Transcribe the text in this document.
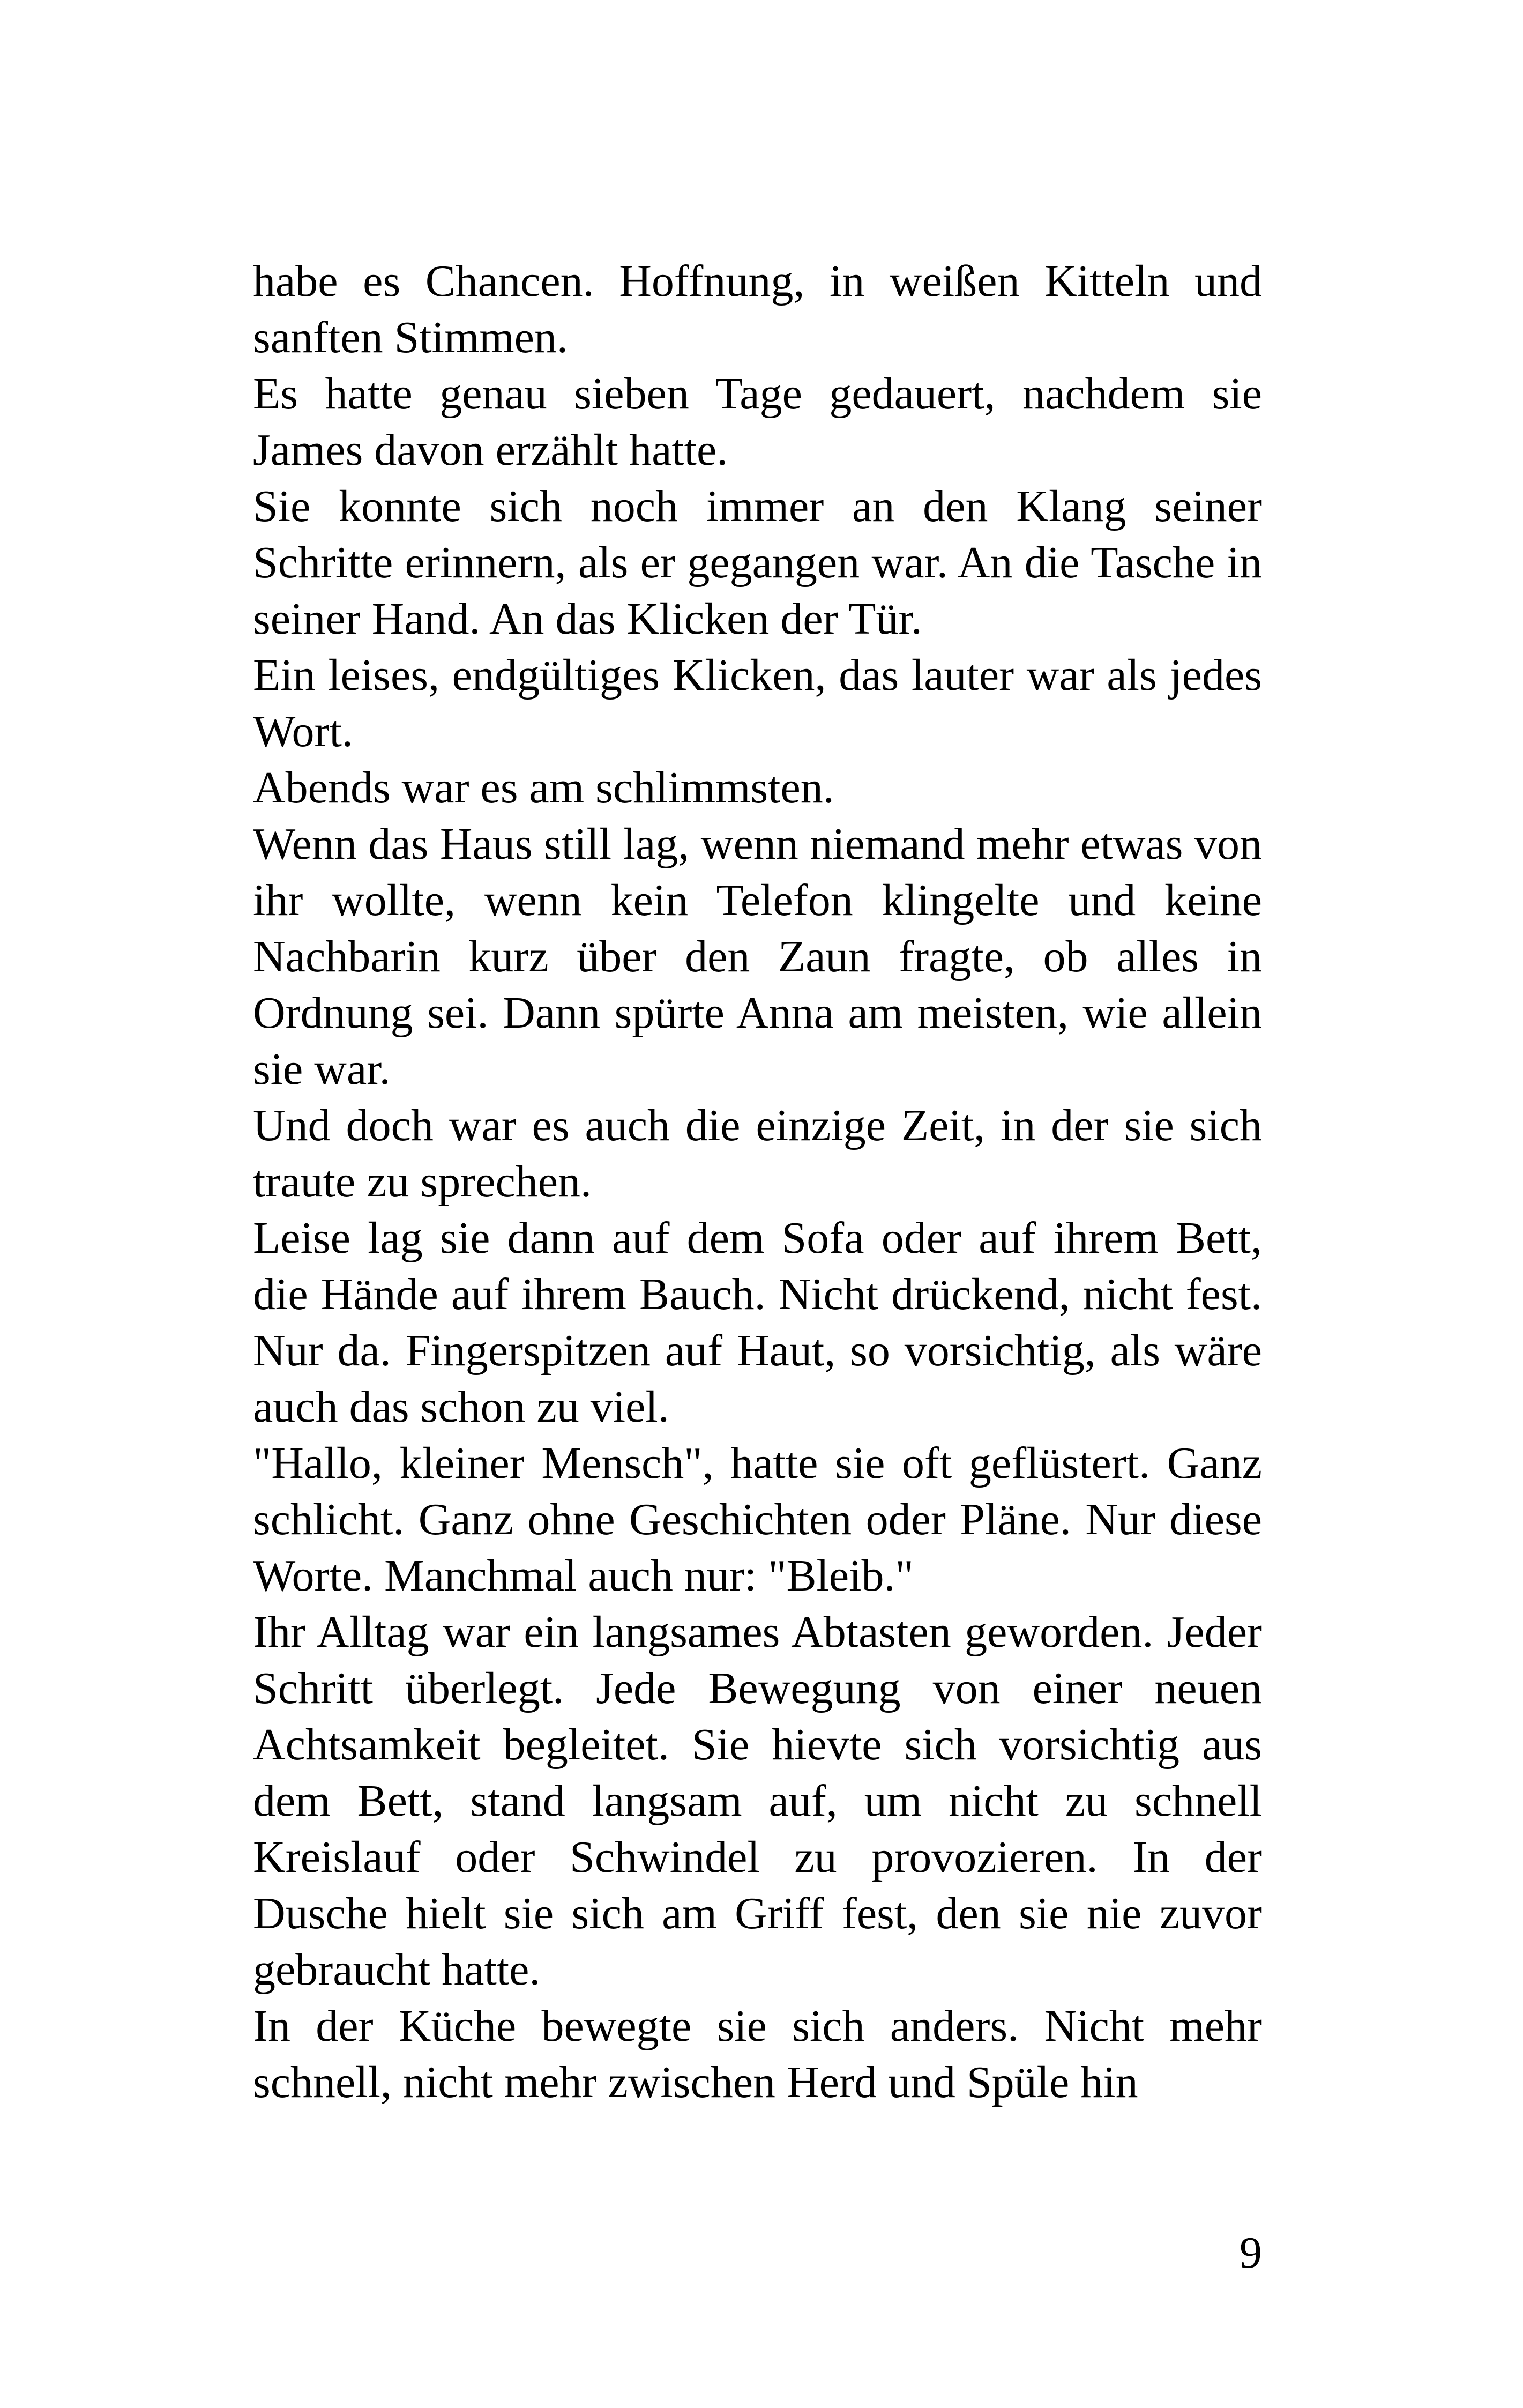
habe es Chancen. Hoffnung, in weißen Kitteln und sanften Stimmen.

Es hatte genau sieben Tage gedauert, nachdem sie James davon erzählt hatte.

Sie konnte sich noch immer an den Klang seiner Schritte erinnern, als er gegangen war. An die Tasche in seiner Hand. An das Klicken der Tür.

Ein leises, endgültiges Klicken, das lauter war als jedes Wort.

Abends war es am schlimmsten.

Wenn das Haus still lag, wenn niemand mehr etwas von ihr wollte, wenn kein Telefon klingelte und keine Nachbarin kurz über den Zaun fragte, ob alles in Ordnung sei. Dann spürte Anna am meisten, wie allein sie war.

Und doch war es auch die einzige Zeit, in der sie sich traute zu sprechen.

Leise lag sie dann auf dem Sofa oder auf ihrem Bett, die Hände auf ihrem Bauch. Nicht drückend, nicht fest. Nur da. Fingerspitzen auf Haut, so vorsichtig, als wäre auch das schon zu viel.

"Hallo, kleiner Mensch", hatte sie oft geflüstert. Ganz schlicht. Ganz ohne Geschichten oder Pläne. Nur diese Worte. Manchmal auch nur: "Bleib."

Ihr Alltag war ein langsames Abtasten geworden. Jeder Schritt überlegt. Jede Bewegung von einer neuen Achtsamkeit begleitet. Sie hievte sich vorsichtig aus dem Bett, stand langsam auf, um nicht zu schnell Kreislauf oder Schwindel zu provozieren. In der Dusche hielt sie sich am Griff fest, den sie nie zuvor gebraucht hatte.

In der Küche bewegte sie sich anders. Nicht mehr schnell, nicht mehr zwischen Herd und Spüle hin

9
